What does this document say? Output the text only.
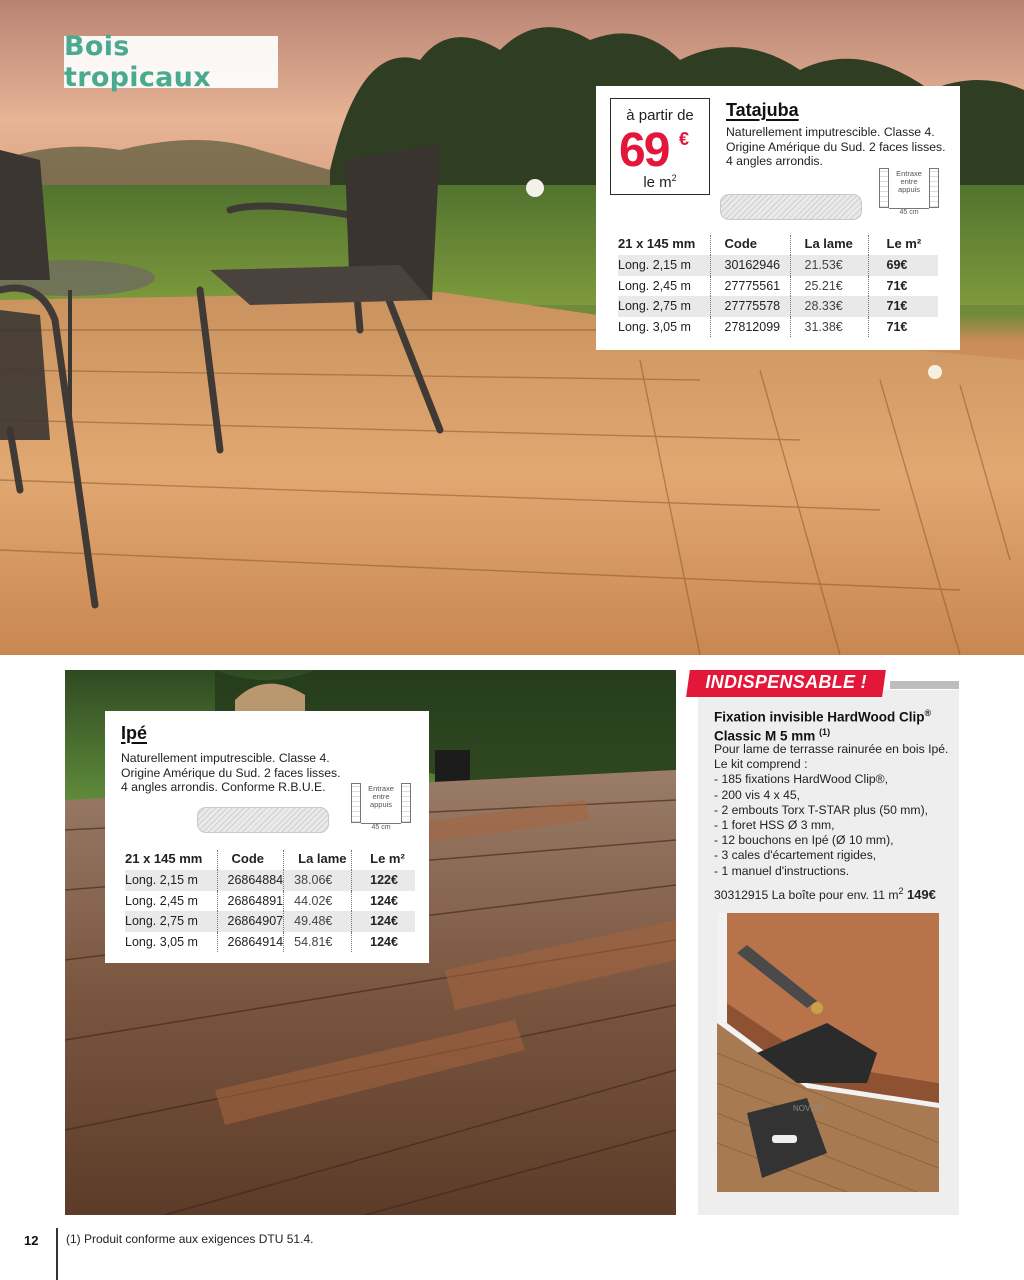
Bois tropicaux
à partir de
69 €
le $m^2$
Tatajuba
Naturellement imputrescible. Classe 4.
Origine Amérique du Sud. 2 faces lisses.
4 angles arrondis.
Entraxe entre appuis
45 cm
21 x 145 mm	Code	La lame	Le m²
Long. 2,15 m	30162946	21.53€	69€
Long. 2,45 m	27775561	25.21€	71€
Long. 2,75 m	27775578	28.33€	71€
Long. 3,05 m	27812099	31.38€	71€
Ipé
Naturellement imputrescible. Classe 4.
Origine Amérique du Sud. 2 faces lisses.
4 angles arrondis. Conforme R.B.U.E.	Entraxe entre appuis
45 cm
21 x 145 mm	Code	La lame	Le m²
Long. 2,15 m	26864884	38.06€	122€
Long. 2,45 m	26864891	44.02€	124€
Long. 2,75 m	26864907	49.48€	124€
Long. 3,05 m	26864914	54.81€	124€
INDISPENSABLE !
Fixation invisible HardWood Clip®
Classic M 5 mm $^{(1)}$
Pour lame de terrasse rainurée en bois Ipé.
Le kit comprend :
- 185 fixations HardWood Clip®,
- 200 vis 4 x 45,
- 2 embouts Torx T-STAR plus (50 mm),
- 1 foret HSS Ø 3 mm,
- 12 bouchons en Ipé (Ø 10 mm),
- 3 cales d'écartement rigides,
- 1 manuel d'instructions.
30312915 La boîte pour env. 11 $m^2$ 149€
NOVLEK
12 (1) Produit conforme aux exigences DTU 51.4.
